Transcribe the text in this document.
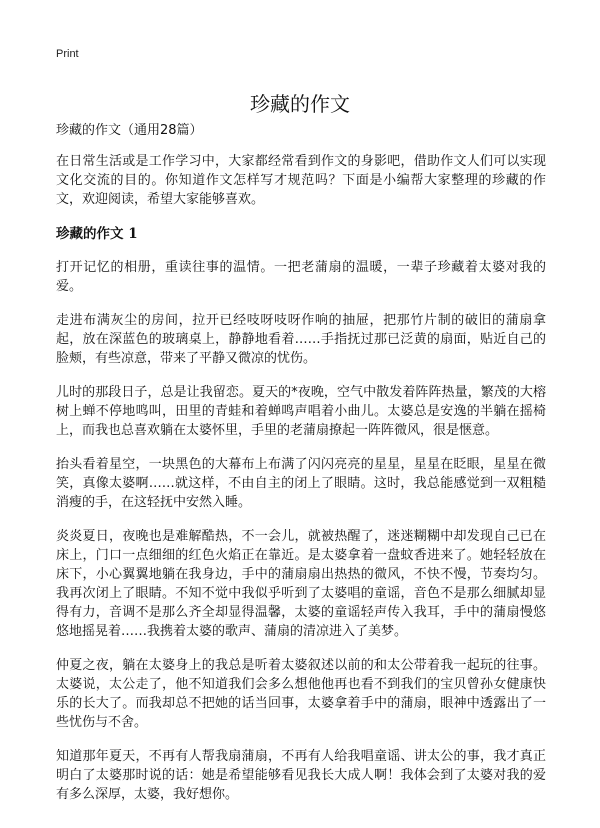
Print
珍藏的作文
珍藏的作文（通用28篇）

在日常生活或是工作学习中，大家都经常看到作文的身影吧，借助作文人们可以实现文化交流的目的。你知道作文怎样写才规范吗？下面是小编帮大家整理的珍藏的作文，欢迎阅读，希望大家能够喜欢。

珍藏的作文 1

打开记忆的相册，重读往事的温情。一把老蒲扇的温暖，一辈子珍藏着太婆对我的爱。

走进布满灰尘的房间，拉开已经吱呀吱呀作响的抽屉，把那竹片制的破旧的蒲扇拿起，放在深蓝色的玻璃桌上，静静地看着……手指抚过那已泛黄的扇面，贴近自己的脸颊，有些凉意，带来了平静又微凉的忧伤。

儿时的那段日子，总是让我留恋。夏天的*夜晚，空气中散发着阵阵热量，繁茂的大榕树上蝉不停地鸣叫，田里的青蛙和着蝉鸣声唱着小曲儿。太婆总是安逸的半躺在摇椅上，而我也总喜欢躺在太婆怀里，手里的老蒲扇撩起一阵阵微风，很是惬意。

抬头看着星空，一块黑色的大幕布上布满了闪闪亮亮的星星，星星在眨眼，星星在微笑，真像太婆啊……就这样，不由自主的闭上了眼睛。这时，我总能感觉到一双粗糙消瘦的手，在这轻抚中安然入睡。

炎炎夏日，夜晚也是难解酷热，不一会儿，就被热醒了，迷迷糊糊中却发现自己已在床上，门口一点细细的红色火焰正在靠近。是太婆拿着一盘蚊香进来了。她轻轻放在床下，小心翼翼地躺在我身边，手中的蒲扇扇出热热的微风，不快不慢，节奏均匀。我再次闭上了眼睛。不知不觉中我似乎听到了太婆唱的童谣，音色不是那么细腻却显得有力，音调不是那么齐全却显得温馨，太婆的童谣轻声传入我耳，手中的蒲扇慢悠悠地摇晃着……我携着太婆的歌声、蒲扇的清凉进入了美梦。

仲夏之夜，躺在太婆身上的我总是听着太婆叙述以前的和太公带着我一起玩的往事。太婆说，太公走了，他不知道我们会多么想他他再也看不到我们的宝贝曾孙女健康快乐的长大了。而我却总不把她的话当回事，太婆拿着手中的蒲扇，眼神中透露出了一些忧伤与不舍。

知道那年夏天，不再有人帮我扇蒲扇，不再有人给我唱童谣、讲太公的事，我才真正明白了太婆那时说的话：她是希望能够看见我长大成人啊！我体会到了太婆对我的爱有多么深厚，太婆，我好想你。
